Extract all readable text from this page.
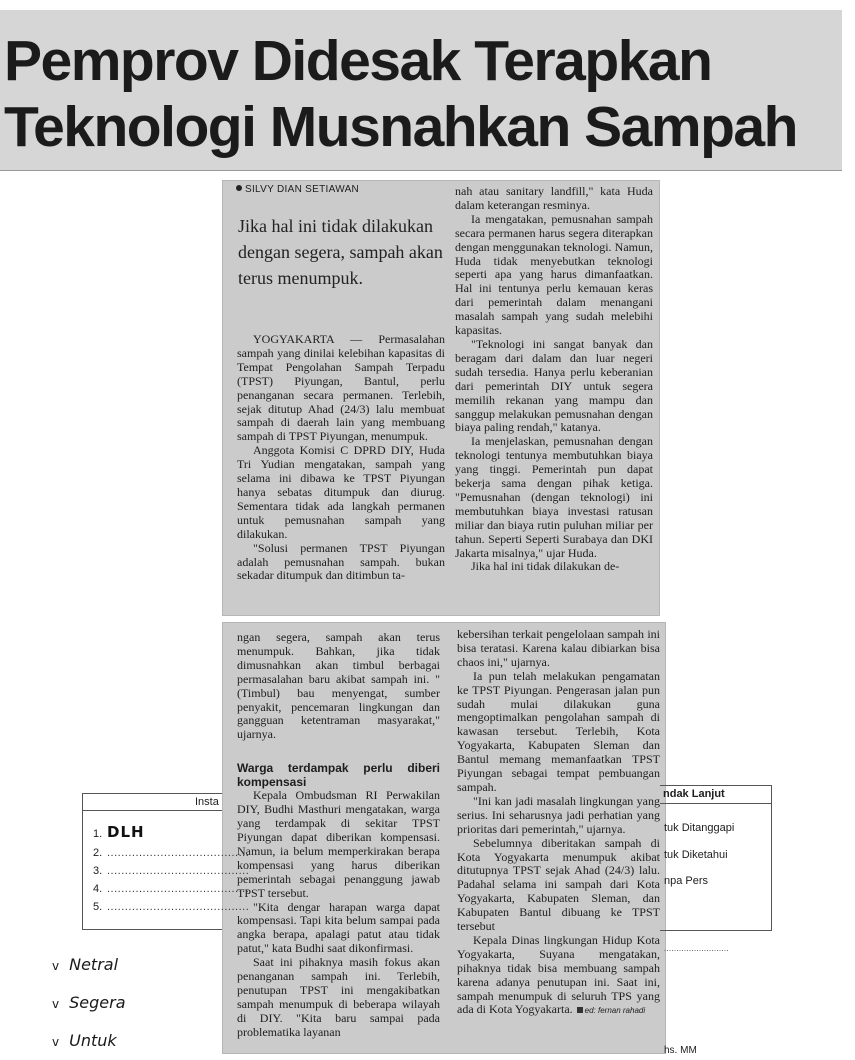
Pemprov Didesak Terapkan
Teknologi Musnahkan Sampah
SILVY DIAN SETIAWAN
Jika hal ini tidak dilakukan dengan segera, sampah akan terus menumpuk.

YOGYAKARTA — Permasalahan sampah yang dinilai kelebihan kapasitas di Tempat Pengolahan Sampah Terpadu (TPST) Piyungan, Bantul, perlu penanganan secara permanen. Terlebih, sejak ditutup Ahad (24/3) lalu membuat sampah di daerah lain yang membuang sampah di TPST Piyungan, menumpuk.

Anggota Komisi C DPRD DIY, Huda Tri Yudian mengatakan, sampah yang selama ini dibawa ke TPST Piyungan hanya sebatas ditumpuk dan diurug. Sementara tidak ada langkah permanen untuk pemusnahan sampah yang dilakukan.

"Solusi permanen TPST Piyungan adalah pemusnahan sampah. bukan sekadar ditumpuk dan ditimbun ta-

nah atau sanitary landfill," kata Huda dalam keterangan resminya.

Ia mengatakan, pemusnahan sampah secara permanen harus segera diterapkan dengan menggunakan teknologi. Namun, Huda tidak menyebutkan teknologi seperti apa yang harus dimanfaatkan. Hal ini tentunya perlu kemauan keras dari pemerintah dalam menangani masalah sampah yang sudah melebihi kapasitas.

"Teknologi ini sangat banyak dan beragam dari dalam dan luar negeri sudah tersedia. Hanya perlu keberanian dari pemerintah DIY untuk segera memilih rekanan yang mampu dan sanggup melakukan pemusnahan dengan biaya paling rendah," katanya.

Ia menjelaskan, pemusnahan dengan teknologi tentunya membutuhkan biaya yang tinggi. Pemerintah pun dapat bekerja sama dengan pihak ketiga. "Pemusnahan (dengan teknologi) ini membutuhkan biaya investasi ratusan miliar dan biaya rutin puluhan miliar per tahun. Seperti Seperti Surabaya dan DKI Jakarta misalnya," ujar Huda.

Jika hal ini tidak dilakukan de-

ngan segera, sampah akan terus menumpuk. Bahkan, jika tidak dimusnahkan akan timbul berbagai permasalahan baru akibat sampah ini. "(Timbul) bau menyengat, sumber penyakit, pencemaran lingkungan dan gangguan ketentraman masyarakat," ujarnya.

Warga terdampak perlu diberi kompensasi

Kepala Ombudsman RI Perwakilan DIY, Budhi Masthuri mengatakan, warga yang terdampak di sekitar TPST Piyungan dapat diberikan kompensasi. Namun, ia belum memperkirakan berapa kompensasi yang harus diberikan pemerintah sebagai penanggung jawab TPST tersebut.

"Kita dengar harapan warga dapat kompensasi. Tapi kita belum sampai pada angka berapa, apalagi patut atau tidak patut," kata Budhi saat dikonfirmasi.

Saat ini pihaknya masih fokus akan penanganan sampah ini. Terlebih, penutupan TPST ini mengakibatkan sampah menumpuk di beberapa wilayah di DIY. "Kita baru sampai pada problematika layanan

kebersihan terkait pengelolaan sampah ini bisa teratasi. Karena kalau dibiarkan bisa chaos ini," ujarnya.

Ia pun telah melakukan pengamatan ke TPST Piyungan. Pengerasan jalan pun sudah mulai dilakukan guna mengoptimalkan pengolahan sampah di kawasan tersebut. Terlebih, Kota Yogyakarta, Kabupaten Sleman dan Bantul memang memanfaatkan TPST Piyungan sebagai tempat pembuangan sampah.

"Ini kan jadi masalah lingkungan yang serius. Ini seharusnya jadi perhatian yang prioritas dari pemerintah," ujarnya.

Sebelumnya diberitakan sampah di Kota Yogyakarta menumpuk akibat ditutupnya TPST sejak Ahad (24/3) lalu. Padahal selama ini sampah dari Kota Yogyakarta, Kabupaten Sleman, dan Kabupaten Bantul dibuang ke TPST tersebut

Kepala Dinas lingkungan Hidup Kota Yogyakarta, Suyana mengatakan, pihaknya tidak bisa membuang sampah karena adanya penutupan ini. Saat ini, sampah menumpuk di seluruh TPS yang ada di Kota Yogyakarta. ed: fernan rahadi

Insta
1. DLH
2. ........................................
3. ........................................
4. ........................................
5. ........................................
ndak Lanjut
tuk Ditanggapi
tuk Diketahui
npa Pers
..........................
hs. MM
v Netral
v Segera
v Untuk
